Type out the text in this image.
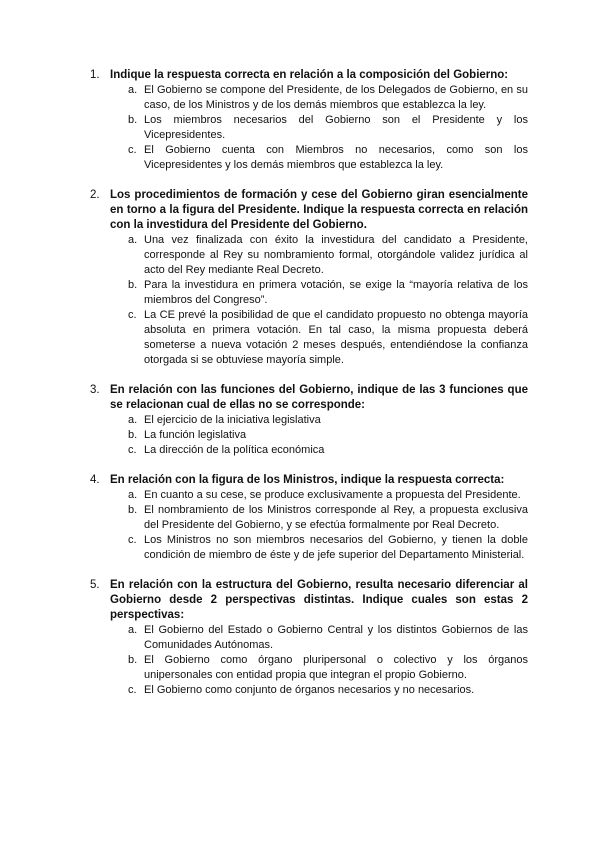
1. Indique la respuesta correcta en relación a la composición del Gobierno:

a. El Gobierno se compone del Presidente, de los Delegados de Gobierno, en su caso, de los Ministros y de los demás miembros que establezca la ley.
b. Los miembros necesarios del Gobierno son el Presidente y los Vicepresidentes.
c. El Gobierno cuenta con Miembros no necesarios, como son los Vicepresidentes y los demás miembros que establezca la ley.
2. Los procedimientos de formación y cese del Gobierno giran esencialmente en torno a la figura del Presidente. Indique la respuesta correcta en relación con la investidura del Presidente del Gobierno.

a. Una vez finalizada con éxito la investidura del candidato a Presidente, corresponde al Rey su nombramiento formal, otorgándole validez jurídica al acto del Rey mediante Real Decreto.
b. Para la investidura en primera votación, se exige la “mayoría relativa de los miembros del Congreso”.
c. La CE prevé la posibilidad de que el candidato propuesto no obtenga mayoría absoluta en primera votación. En tal caso, la misma propuesta deberá someterse a nueva votación 2 meses después, entendiéndose la confianza otorgada si se obtuviese mayoría simple.
3. En relación con las funciones del Gobierno, indique de las 3 funciones que se relacionan cual de ellas no se corresponde:

a. El ejercicio de la iniciativa legislativa
b. La función legislativa
c. La dirección de la política económica
4. En relación con la figura de los Ministros, indique la respuesta correcta:

a. En cuanto a su cese, se produce exclusivamente a propuesta del Presidente.
b. El nombramiento de los Ministros corresponde al Rey, a propuesta exclusiva del Presidente del Gobierno, y se efectúa formalmente por Real Decreto.
c. Los Ministros no son miembros necesarios del Gobierno, y tienen la doble condición de miembro de éste y de jefe superior del Departamento Ministerial.
5. En relación con la estructura del Gobierno, resulta necesario diferenciar al Gobierno desde 2 perspectivas distintas. Indique cuales son estas 2 perspectivas:

a. El Gobierno del Estado o Gobierno Central y los distintos Gobiernos de las Comunidades Autónomas.
b. El Gobierno como órgano pluripersonal o colectivo y los órganos unipersonales con entidad propia que integran el propio Gobierno.
c. El Gobierno como conjunto de órganos necesarios y no necesarios.
